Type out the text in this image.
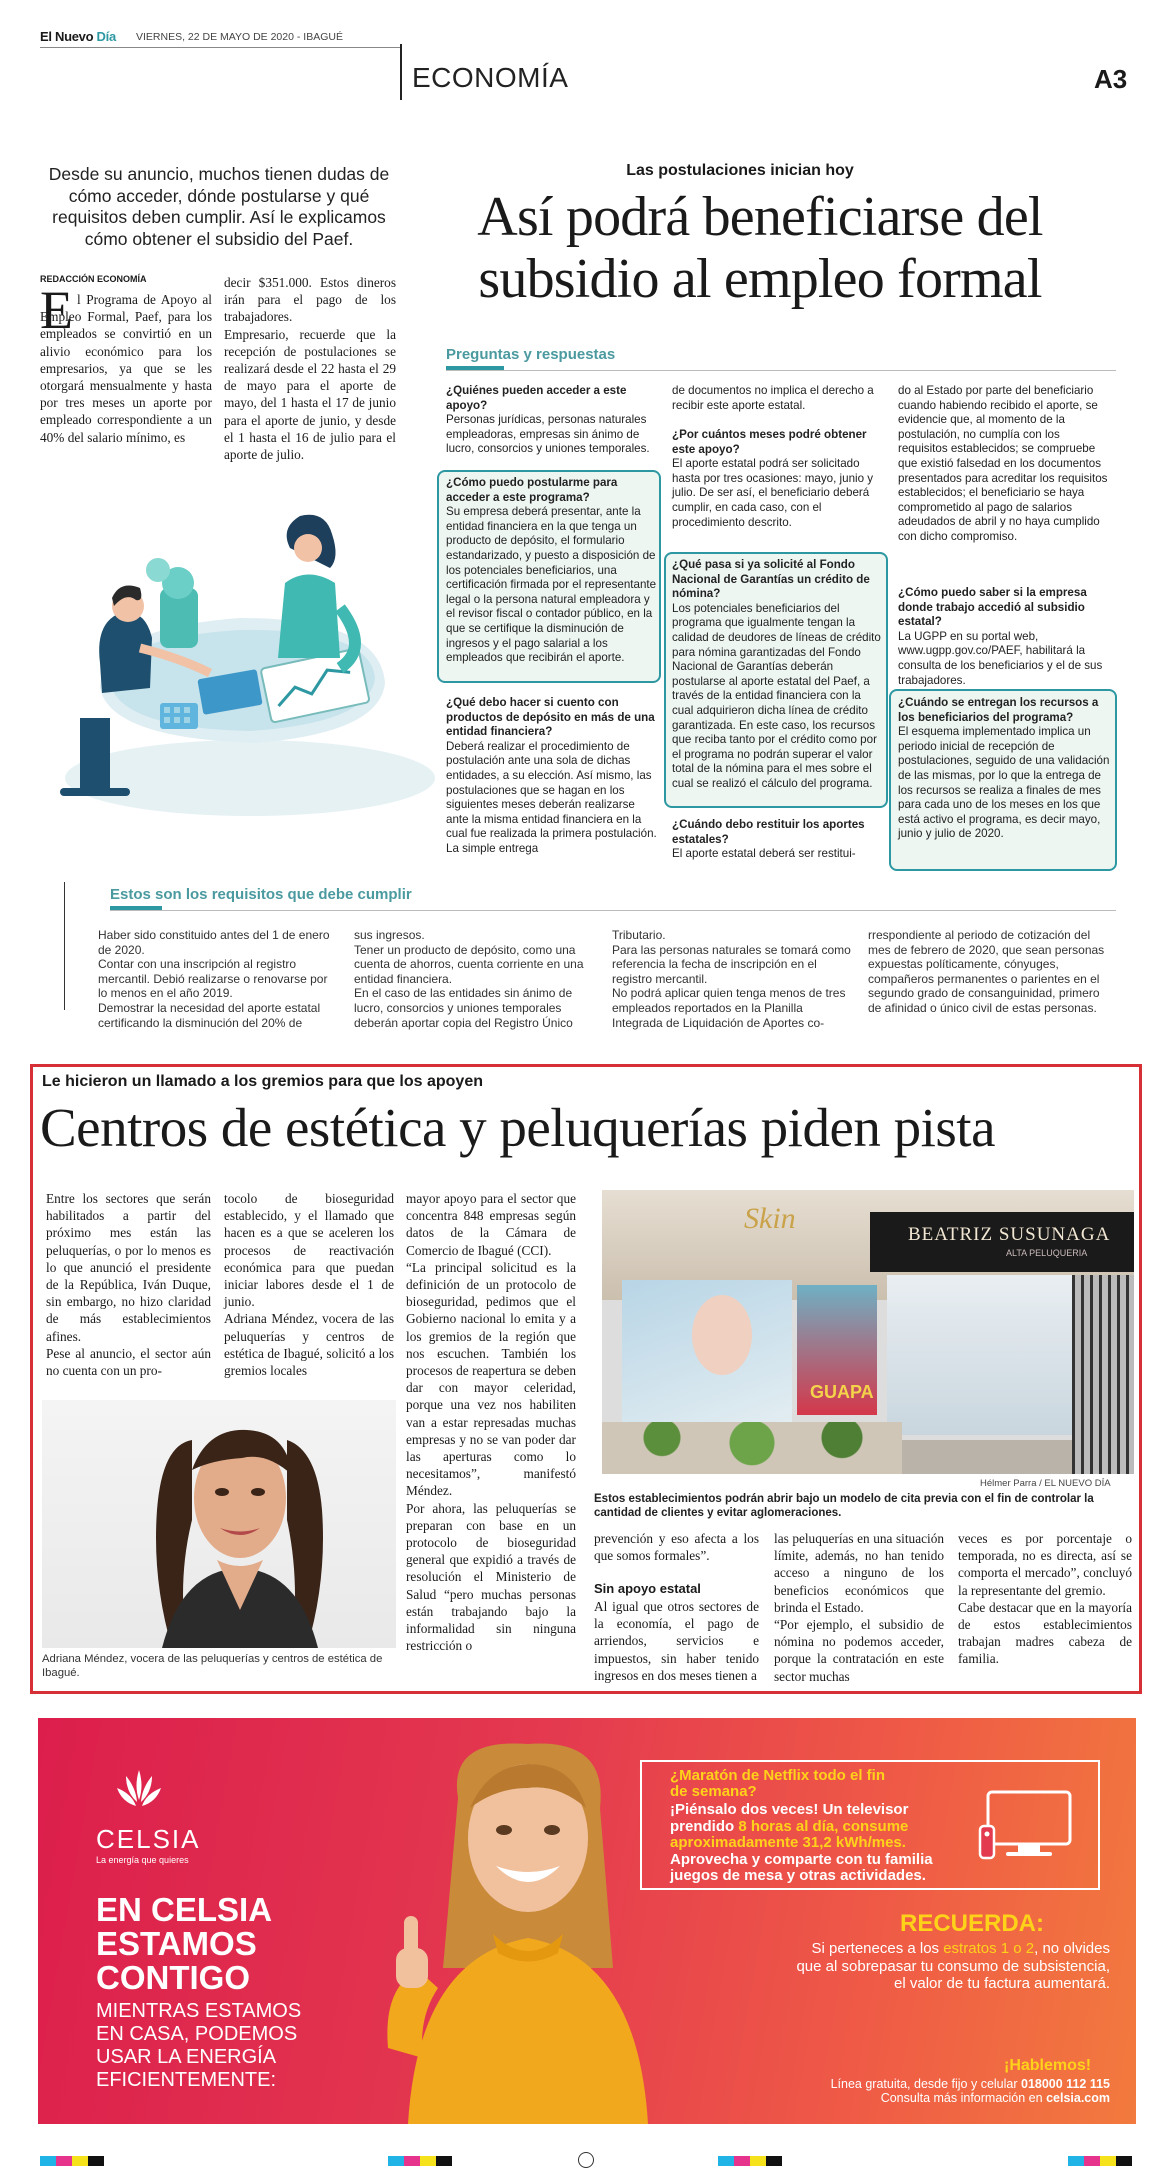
El Nuevo Día VIERNES, 22 DE MAYO DE 2020 - IBAGUÉ
ECONOMÍA	A3
Desde su anuncio, muchos tienen dudas de cómo acceder, dónde postularse y qué requisitos deben cumplir. Así le explicamos cómo obtener el subsidio del Paef.
Las postulaciones inician hoy
Así podrá beneficiarse del subsidio al empleo formal
REDACCIÓN ECONOMÍA
E l Programa de Apoyo al Empleo Formal, Paef, para los empleados se convirtió en un alivio económico para los empresarios, ya que se les otorgará mensualmente y hasta por tres meses un aporte por empleado correspondiente a un 40% del salario mínimo, es
decir $351.000. Estos dineros irán para el pago de los trabajadores.
Empresario, recuerde que la recepción de postulaciones se realizará desde el 22 hasta el 29 de mayo para el aporte de mayo, del 1 hasta el 17 de junio para el aporte de junio, y desde el 1 hasta el 16 de julio para el aporte de julio.
Preguntas y respuestas
¿Quiénes pueden acceder a este apoyo?
Personas jurídicas, personas naturales empleadoras, empresas sin ánimo de lucro, consorcios y uniones temporales.
¿Cómo puedo postularme para acceder a este programa?
Su empresa deberá presentar, ante la entidad financiera en la que tenga un producto de depósito, el formulario estandarizado, y puesto a disposición de los potenciales beneficiarios, una certificación firmada por el representante legal o la persona natural empleadora y el revisor fiscal o contador público, en la que se certifique la disminución de ingresos y el pago salarial a los empleados que recibirán el aporte.
¿Qué debo hacer si cuento con productos de depósito en más de una entidad financiera?
Deberá realizar el procedimiento de postulación ante una sola de dichas entidades, a su elección. Así mismo, las postulaciones que se hagan en los siguientes meses deberán realizarse ante la misma entidad financiera en la cual fue realizada la primera postulación. La simple entrega
de documentos no implica el derecho a recibir este aporte estatal.
¿Por cuántos meses podré obtener este apoyo?
El aporte estatal podrá ser solicitado hasta por tres ocasiones: mayo, junio y julio. De ser así, el beneficiario deberá cumplir, en cada caso, con el procedimiento descrito.
¿Qué pasa si ya solicité al Fondo Nacional de Garantías un crédito de nómina?
Los potenciales beneficiarios del programa que igualmente tengan la calidad de deudores de líneas de crédito para nómina garantizadas del Fondo Nacional de Garantías deberán postularse al aporte estatal del Paef, a través de la entidad financiera con la cual adquirieron dicha línea de crédito garantizada. En este caso, los recursos que reciba tanto por el crédito como por el programa no podrán superar el valor total de la nómina para el mes sobre el cual se realizó el cálculo del programa.
¿Cuándo debo restituir los aportes estatales?
El aporte estatal deberá ser restitui-
do al Estado por parte del beneficiario cuando habiendo recibido el aporte, se evidencie que, al momento de la postulación, no cumplía con los requisitos establecidos; se compruebe que existió falsedad en los documentos presentados para acreditar los requisitos establecidos; el beneficiario se haya comprometido al pago de salarios adeudados de abril y no haya cumplido con dicho compromiso.
¿Cómo puedo saber si la empresa donde trabajo accedió al subsidio estatal?
La UGPP en su portal web, www.ugpp.gov.co/PAEF, habilitará la consulta de los beneficiarios y el de sus trabajadores.
¿Cuándo se entregan los recursos a los beneficiarios del programa?
El esquema implementado implica un periodo inicial de recepción de postulaciones, seguido de una validación de las mismas, por lo que la entrega de los recursos se realiza a finales de mes para cada uno de los meses en los que está activo el programa, es decir mayo, junio y julio de 2020.
Estos son los requisitos que debe cumplir
Haber sido constituido antes del 1 de enero de 2020.
Contar con una inscripción al registro mercantil. Debió realizarse o renovarse por lo menos en el año 2019.
Demostrar la necesidad del aporte estatal certificando la disminución del 20% de
sus ingresos.
Tener un producto de depósito, como una cuenta de ahorros, cuenta corriente en una entidad financiera.
En el caso de las entidades sin ánimo de lucro, consorcios y uniones temporales deberán aportar copia del Registro Único
Tributario.
Para las personas naturales se tomará como referencia la fecha de inscripción en el registro mercantil.
No podrá aplicar quien tenga menos de tres empleados reportados en la Planilla Integrada de Liquidación de Aportes co-
rrespondiente al periodo de cotización del mes de febrero de 2020, que sean personas expuestas políticamente, cónyuges, compañeros permanentes o parientes en el segundo grado de consanguinidad, primero de afinidad o único civil de estas personas.
Le hicieron un llamado a los gremios para que los apoyen
Centros de estética y peluquerías piden pista
Entre los sectores que serán habilitados a partir del próximo mes están las peluquerías, o por lo menos es lo que anunció el presidente de la República, Iván Duque, sin embargo, no hizo claridad de más establecimientos afines.
Pese al anuncio, el sector aún no cuenta con un pro-
tocolo de bioseguridad establecido, y el llamado que hacen es a que se aceleren los procesos de reactivación económica para que puedan iniciar labores desde el 1 de junio.
Adriana Méndez, vocera de las peluquerías y centros de estética de Ibagué, solicitó a los gremios locales
mayor apoyo para el sector que concentra 848 empresas según datos de la Cámara de Comercio de Ibagué (CCI).
“La principal solicitud es la definición de un protocolo de bioseguridad, pedimos que el Gobierno nacional lo emita y a los gremios de la región que nos escuchen. También los procesos de reapertura se deben dar con mayor celeridad, porque una vez nos habiliten van a estar represadas muchas empresas y no se van poder dar las aperturas como lo necesitamos”, manifestó Méndez.
Por ahora, las peluquerías se preparan con base en un protocolo de bioseguridad general que expidió a través de resolución el Ministerio de Salud “pero muchas personas están trabajando bajo la informalidad sin ninguna restricción o
Adriana Méndez, vocera de las peluquerías y centros de estética de Ibagué.
BEATRIZ SUSUNAGA
ALTA PELUQUERIA
Skin
GUAPA
Hélmer Parra / EL NUEVO DÍA
Estos establecimientos podrán abrir bajo un modelo de cita previa con el fin de controlar la cantidad de clientes y evitar aglomeraciones.
prevención y eso afecta a los que somos formales”.
Sin apoyo estatal
Al igual que otros sectores de la economía, el pago de arriendos, servicios e impuestos, sin haber tenido ingresos en dos meses tienen a
las peluquerías en una situación límite, además, no han tenido acceso a ninguno de los beneficios económicos que brinda el Estado.
“Por ejemplo, el subsidio de nómina no podemos acceder, porque la contratación en este sector muchas
veces es por porcentaje o temporada, no es directa, así se comporta el mercado”, concluyó la representante del gremio.
Cabe destacar que en la mayoría de estos establecimientos trabajan madres cabeza de familia.
CELSIA
La energía que quieres
EN CELSIA
ESTAMOS
CONTIGO
MIENTRAS ESTAMOS
EN CASA, PODEMOS
USAR LA ENERGÍA
EFICIENTEMENTE:
¿Maratón de Netflix todo el fin de semana?
¡Piénsalo dos veces! Un televisor prendido 8 horas al día, consume aproximadamente 31,2 kWh/mes.
Aprovecha y comparte con tu familia juegos de mesa y otras actividades.
RECUERDA:
Si perteneces a los estratos 1 o 2, no olvides que al sobrepasar tu consumo de subsistencia, el valor de tu factura aumentará.
¡Hablemos!
Línea gratuita, desde fijo y celular 018000 112 115
Consulta más información en celsia.com
